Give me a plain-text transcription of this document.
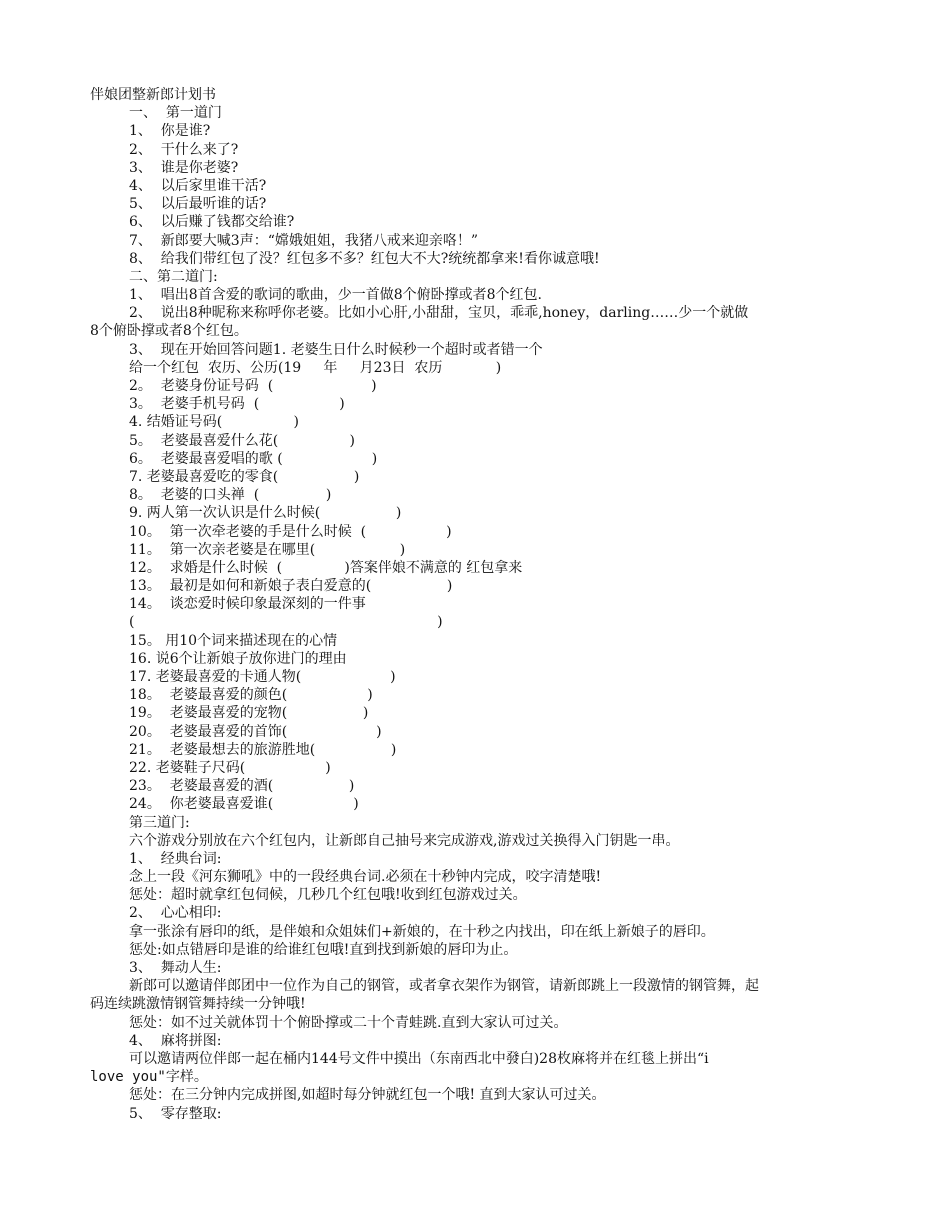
伴娘团整新郎计划书

一、  第一道门

1、  你是谁?

2、  干什么来了?

3、  谁是你老婆?

4、  以后家里谁干活?

5、  以后最听谁的话?

6、  以后赚了钱都交给谁?

7、  新郎要大喊3声：“嫦娥姐姐，我猪八戒来迎亲咯！”

8、  给我们带红包了没？红包多不多？红包大不大?统统都拿来!看你诚意哦!

二、第二道门:

1、  唱出8首含爱的歌词的歌曲，少一首做8个俯卧撑或者8个红包.

2、  说出8种昵称来称呼你老婆。比如小心肝,小甜甜，宝贝，乖乖,honey，darling……少一个就做

8个俯卧撑或者8个红包。

3、  现在开始回答问题1. 老婆生日什么时候秒一个超时或者错一个

给一个红包  农历、公历(19     年     月23日  农历            )

2。  老婆身份证号码  (                      )

3。  老婆手机号码  (                  )

4. 结婚证号码(                )

5。  老婆最喜爱什么花(                )

6。  老婆最喜爱唱的歌 (                    )

7. 老婆最喜爱吃的零食(                 )

8。  老婆的口头禅  (               )

9. 两人第一次认识是什么时候(                 )

10。  第一次牵老婆的手是什么时候  (                  )

11。  第一次亲老婆是在哪里(                   )

12。  求婚是什么时候  (              )答案伴娘不满意的 红包拿来

13。  最初是如何和新娘子表白爱意的(                 )

14。  谈恋爱时候印象最深刻的一件事

(                                                                    )

15。 用10个词来描述现在的心情

16. 说6个让新娘子放你进门的理由

17. 老婆最喜爱的卡通人物(                    )

18。  老婆最喜爱的颜色(                  )

19。  老婆最喜爱的宠物(                 )

20。  老婆最喜爱的首饰(                    )

21。  老婆最想去的旅游胜地(                 )

22. 老婆鞋子尺码(                  )

23。  老婆最喜爱的酒(                 )

24。  你老婆最喜爱谁(                  )

第三道门:

六个游戏分别放在六个红包内，让新郎自己抽号来完成游戏,游戏过关换得入门钥匙一串。

1、  经典台词:

念上一段《河东狮吼》中的一段经典台词.必须在十秒钟内完成，咬字清楚哦!

惩处：超时就拿红包伺候，几秒几个红包哦!收到红包游戏过关。

2、  心心相印:

拿一张涂有唇印的纸，是伴娘和众姐妹们+新娘的，在十秒之内找出，印在纸上新娘子的唇印。

惩处:如点错唇印是谁的给谁红包哦!直到找到新娘的唇印为止。

3、  舞动人生:

新郎可以邀请伴郎团中一位作为自己的钢管，或者拿衣架作为钢管，请新郎跳上一段激情的钢管舞，起

码连续跳激情钢管舞持续一分钟哦!

惩处：如不过关就体罚十个俯卧撑或二十个青蛙跳.直到大家认可过关。

4、  麻将拼图:

可以邀请两位伴郎一起在桶内144号文件中摸出（东南西北中發白)28枚麻将并在红毯上拼出“i

love you"字样。

惩处：在三分钟内完成拼图,如超时每分钟就红包一个哦! 直到大家认可过关。

5、  零存整取:
